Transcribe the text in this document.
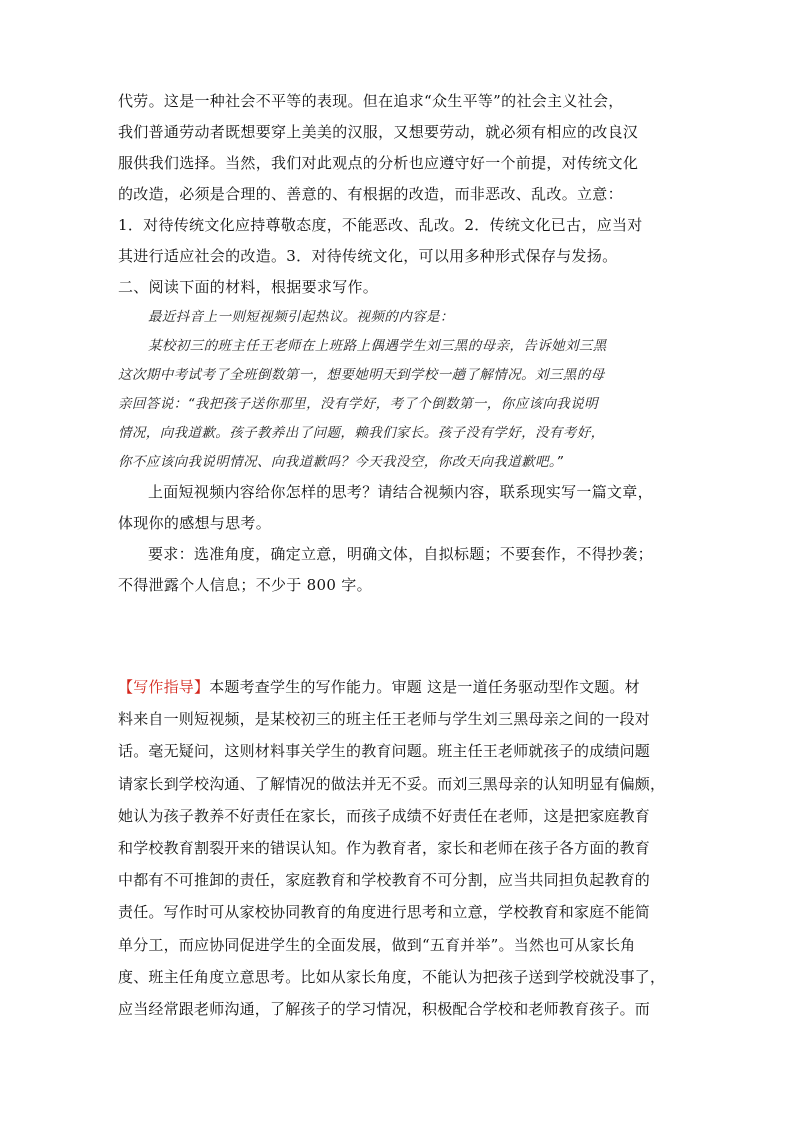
代劳。这是一种社会不平等的表现。但在追求“众生平等”的社会主义社会，
我们普通劳动者既想要穿上美美的汉服，又想要劳动，就必须有相应的改良汉
服供我们选择。当然，我们对此观点的分析也应遵守好一个前提，对传统文化
的改造，必须是合理的、善意的、有根据的改造，而非恶改、乱改。立意：
1．对待传统文化应持尊敬态度，不能恶改、乱改。2．传统文化已古，应当对
其进行适应社会的改造。3．对待传统文化，可以用多种形式保存与发扬。
二、阅读下面的材料，根据要求写作。
最近抖音上一则短视频引起热议。视频的内容是：
某校初三的班主任王老师在上班路上偶遇学生刘三黑的母亲，告诉她刘三黑
这次期中考试考了全班倒数第一，想要她明天到学校一趟了解情况。刘三黑的母
亲回答说：“我把孩子送你那里，没有学好，考了个倒数第一，你应该向我说明
情况，向我道歉。孩子教养出了问题，赖我们家长。孩子没有学好，没有考好，
你不应该向我说明情况、向我道歉吗？今天我没空，你改天向我道歉吧。”
上面短视频内容给你怎样的思考？请结合视频内容，联系现实写一篇文章，
体现你的感想与思考。
要求：选准角度，确定立意，明确文体，自拟标题；不要套作，不得抄袭；
不得泄露个人信息；不少于 800 字。
【写作指导】本题考查学生的写作能力。审题 这是一道任务驱动型作文题。材
料来自一则短视频，是某校初三的班主任王老师与学生刘三黑母亲之间的一段对
话。毫无疑问，这则材料事关学生的教育问题。班主任王老师就孩子的成绩问题
请家长到学校沟通、了解情况的做法并无不妥。而刘三黑母亲的认知明显有偏颇，
她认为孩子教养不好责任在家长，而孩子成绩不好责任在老师，这是把家庭教育
和学校教育割裂开来的错误认知。作为教育者，家长和老师在孩子各方面的教育
中都有不可推卸的责任，家庭教育和学校教育不可分割，应当共同担负起教育的
责任。写作时可从家校协同教育的角度进行思考和立意，学校教育和家庭不能简
单分工，而应协同促进学生的全面发展，做到“五育并举”。当然也可从家长角
度、班主任角度立意思考。比如从家长角度，不能认为把孩子送到学校就没事了，
应当经常跟老师沟通，了解孩子的学习情况，积极配合学校和老师教育孩子。而
